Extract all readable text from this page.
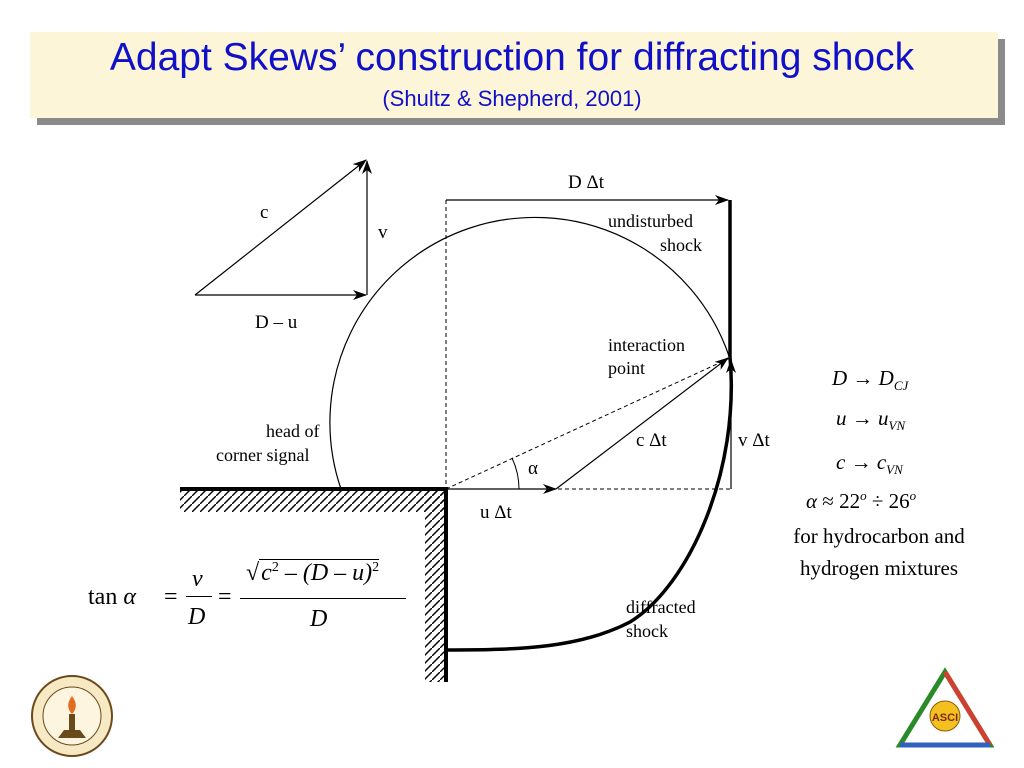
Adapt Skews’ construction for diffracting shock
(Shultz & Shepherd, 2001)
c
v
D – u
D Δt
undisturbed
shock
head of
corner signal
interaction
point
u Δt
c Δt
α
v Δt
diffracted
shock
ASCI
$D \to D_{CJ}$
$u \to u_{VN}$
$c \to c_{VN}$
$\alpha \approx 22^o \div 26^o$
for hydrocarbon and
hydrogen mixtures
tan α =
v
D
=
$√c^2 - (D - u)^2$
D
